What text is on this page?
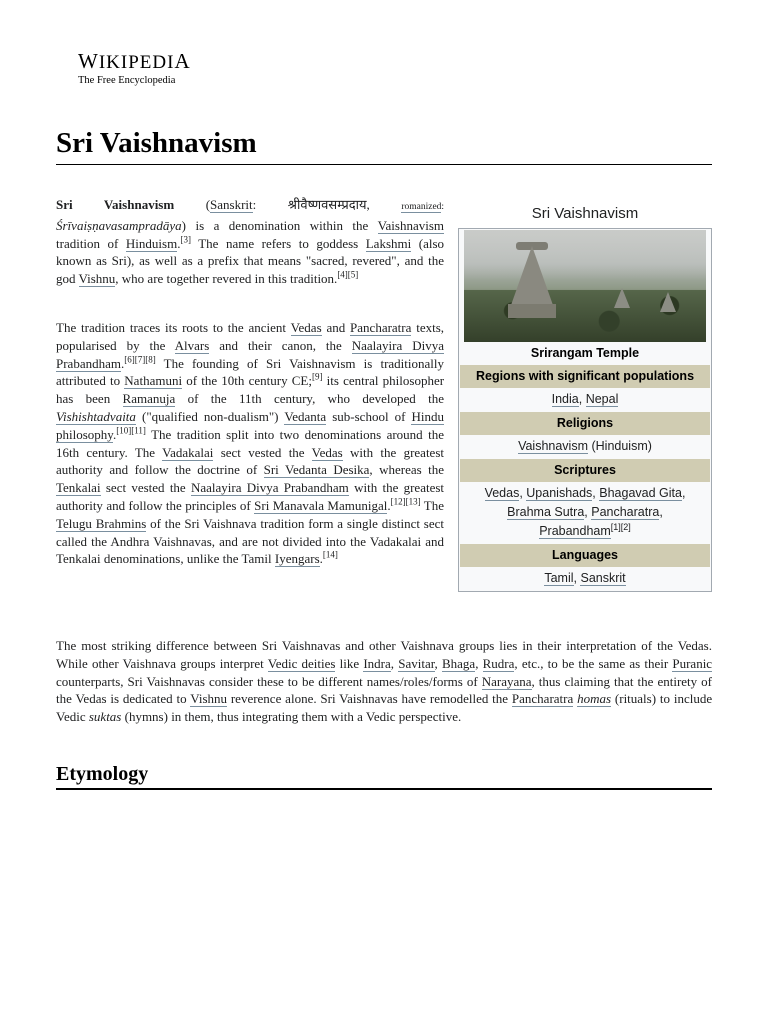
WIKIPEDIA
The Free Encyclopedia
Sri Vaishnavism
Sri Vaishnavism
Srirangam Temple
Regions with significant populations
India, Nepal
Religions
Vaishnavism (Hinduism)
Scriptures
Vedas, Upanishads, Bhagavad Gita, Brahma Sutra, Pancharatra, Prabandham[1][2]
Languages
Tamil, Sanskrit

Sri Vaishnavism (Sanskrit: श्रीवैष्णवसम्प्रदाय,	romanized: Śrīvaiṣṇavasampradāya) is a denomination within the Vaishnavism tradition of Hinduism.[3] The name refers to goddess Lakshmi (also known as Sri), as well as a prefix that means "sacred, revered", and the god Vishnu, who are together revered in this tradition.[4][5]

The tradition traces its roots to the ancient Vedas and Pancharatra texts, popularised by the Alvars and their canon, the Naalayira Divya Prabandham.[6][7][8] The founding of Sri Vaishnavism is traditionally attributed to Nathamuni of the 10th century CE;[9] its central philosopher has been Ramanuja of the 11th century, who developed the Vishishtadvaita ("qualified non-dualism") Vedanta sub-school of Hindu philosophy.[10][11] The tradition split into two denominations around the 16th century. The Vadakalai sect vested the Vedas with the greatest authority and follow the doctrine of Sri Vedanta Desika, whereas the Tenkalai sect vested the Naalayira Divya Prabandham with the greatest authority and follow the principles of Sri Manavala Mamunigal.[12][13] The Telugu Brahmins of the Sri Vaishnava tradition form a single distinct sect called the Andhra Vaishnavas, and are not divided into the Vadakalai and Tenkalai denominations, unlike the Tamil Iyengars.[14]

The most striking difference between Sri Vaishnavas and other Vaishnava groups lies in their interpretation of the Vedas. While other Vaishnava groups interpret Vedic deities like Indra, Savitar, Bhaga, Rudra, etc., to be the same as their Puranic counterparts, Sri Vaishnavas consider these to be different names/roles/forms of Narayana, thus claiming that the entirety of the Vedas is dedicated to Vishnu reverence alone. Sri Vaishnavas have remodelled the Pancharatra homas (rituals) to include Vedic suktas (hymns) in them, thus integrating them with a Vedic perspective.

Etymology
